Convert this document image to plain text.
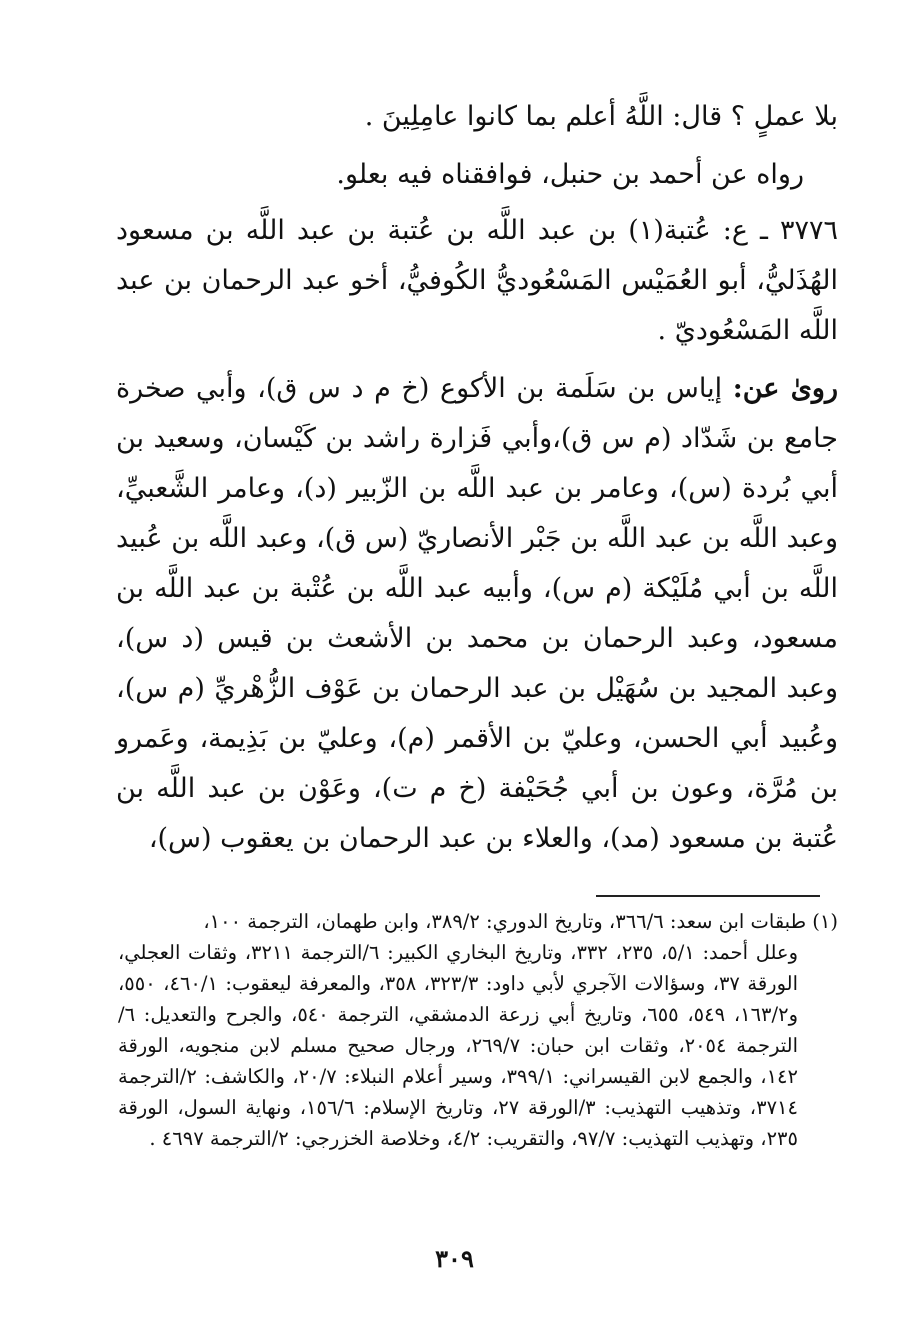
بلا عملٍ ؟ قال: اللَّهُ أعلم بما كانوا عامِلِينَ .

رواه عن أحمد بن حنبل، فوافقناه فيه بعلو.

٣٧٧٦ ـ ع: عُتبة(١) بن عبد اللَّه بن عُتبة بن عبد اللَّه بن مسعود الهُذَليُّ، أبو العُمَيْس المَسْعُوديُّ الكُوفيُّ، أخو عبد الرحمان بن عبد اللَّه المَسْعُوديّ .

روىٰ عن: إياس بن سَلَمة بن الأكوع (خ م د س ق)، وأبي صخرة جامع بن شَدّاد (م س ق)،وأبي فَزارة راشد بن كَيْسان، وسعيد بن أبي بُردة (س)، وعامر بن عبد اللَّه بن الزّبير (د)، وعامر الشَّعبيِّ، وعبد اللَّه بن عبد اللَّه بن جَبْر الأنصاريّ (س ق)، وعبد اللَّه بن عُبيد اللَّه بن أبي مُلَيْكة (م س)، وأبيه عبد اللَّه بن عُتْبة بن عبد اللَّه بن مسعود، وعبد الرحمان بن محمد بن الأشعث بن قيس (د س)، وعبد المجيد بن سُهَيْل بن عبد الرحمان بن عَوْف الزُّهْريِّ (م س)، وعُبيد أبي الحسن، وعليّ بن الأقمر (م)، وعليّ بن بَذِيمة، وعَمرو بن مُرَّة، وعون بن أبي جُحَيْفة (خ م ت)، وعَوْن بن عبد اللَّه بن عُتبة بن مسعود (مد)، والعلاء بن عبد الرحمان بن يعقوب (س)،

(١) طبقات ابن سعد: ٣٦٦/٦، وتاريخ الدوري: ٣٨٩/٢، وابن طهمان، الترجمة ١٠٠،

وعلل أحمد: ٥/١، ٢٣٥، ٣٣٢، وتاريخ البخاري الكبير: ٦/الترجمة ٣٢١١، وثقات العجلي، الورقة ٣٧، وسؤالات الآجري لأبي داود: ٣٢٣/٣، ٣٥٨، والمعرفة ليعقوب: ٤٦٠/١، ٥٥٠، و١٦٣/٢، ٥٤٩، ٦٥٥، وتاريخ أبي زرعة الدمشقي، الترجمة ٥٤٠، والجرح والتعديل: ٦/الترجمة ٢٠٥٤، وثقات ابن حبان: ٢٦٩/٧، ورجال صحيح مسلم لابن منجويه، الورقة ١٤٢، والجمع لابن القيسراني: ٣٩٩/١، وسير أعلام النبلاء: ٢٠/٧، والكاشف: ٢/الترجمة ٣٧١٤، وتذهيب التهذيب: ٣/الورقة ٢٧، وتاريخ الإسلام: ١٥٦/٦، ونهاية السول، الورقة ٢٣٥، وتهذيب التهذيب: ٩٧/٧، والتقريب: ٤/٢، وخلاصة الخزرجي: ٢/الترجمة ٤٦٩٧ .

٣٠٩
